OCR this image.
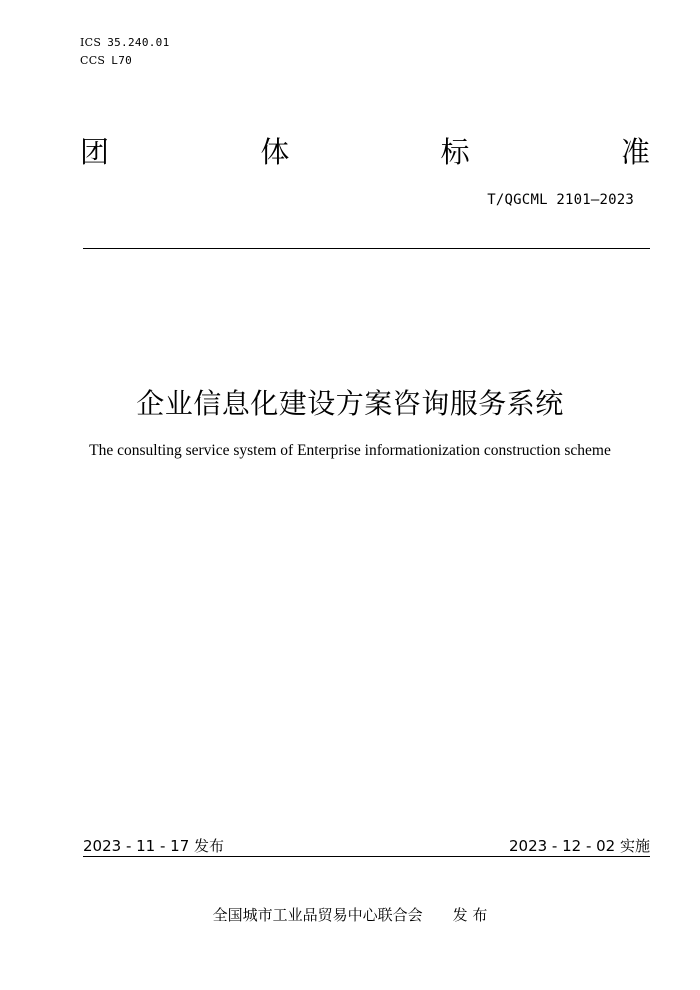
ICS 35.240.01
CCS L70
团	体	标	准
T/QGCML 2101—2023
企业信息化建设方案咨询服务系统
The consulting service system of Enterprise informationization construction scheme
2023 - 11 - 17 发布	2023 - 12 - 02 实施
全国城市工业品贸易中心联合会 发 布
